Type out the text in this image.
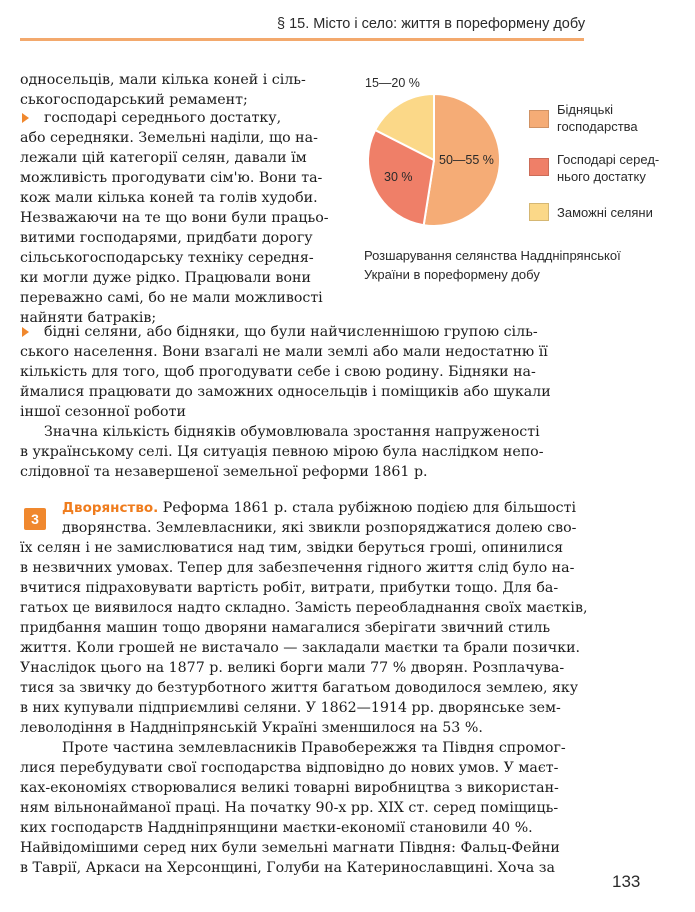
§ 15. Місто і село: життя в пореформену добу
односельців, мали кілька коней і сіль-
ськогосподарський ремамент;
господарі середнього достатку,
або середняки. Земельні наділи, що на-
лежали цій категорії селян, давали їм
можливість прогодувати сім'ю. Вони та-
кож мали кілька коней та голів худоби.
Незважаючи на те що вони були працьо-
витими господарями, придбати дорогу
сільськогосподарську техніку середня-
ки могли дуже рідко. Працювали вони
переважно самі, бо не мали можливості
найняти батраків;
бідні селяни, або бідняки, що були найчисленнішою групою сіль-
ського населення. Вони взагалі не мали землі або мали недостатню її
кількість для того, щоб прогодувати себе і свою родину. Бідняки на-
ймалися працювати до заможних односельців і поміщиків або шукали
іншої сезонної роботи
Значна кількість бідняків обумовлювала зростання напруженості
в українському селі. Ця ситуація певною мірою була наслідком непо-
слідовної та незавершеної земельної реформи 1861 р.
3
Дворянство. Реформа 1861 р. стала рубіжною подією для більшості
дворянства. Землевласники, які звикли розпоряджатися долею сво-
їх селян і не замислюватися над тим, звідки беруться гроші, опинилися
в незвичних умовах. Тепер для забезпечення гідного життя слід було на-
вчитися підраховувати вартість робіт, витрати, прибутки тощо. Для ба-
гатьох це виявилося надто складно. Замість переобладнання своїх маєтків,
придбання машин тощо дворяни намагалися зберігати звичний стиль
життя. Коли грошей не вистачало — закладали маєтки та брали позички.
Унаслідок цього на 1877 р. великі борги мали 77 % дворян. Розплачува-
тися за звичку до безтурботного життя багатьом доводилося землею, яку
в них купували підприємливі селяни. У 1862—1914 рр. дворянське зем-
леволодіння в Наддніпрянській Україні зменшилося на 53 %.
Проте частина землевласників Правобережжя та Півдня спромог-
лися перебудувати свої господарства відповідно до нових умов. У маєт-
ках-економіях створювалися великі товарні виробництва з використан-
ням вільнонайманої праці. На початку 90-х рр. XIX ст. серед поміщиць-
ких господарств Наддніпрянщини маєтки-економії становили 40 %.
Найвідомішими серед них були земельні магнати Півдня: Фальц-Фейни
в Таврії, Аркаси на Херсонщині, Голуби на Катеринославщині. Хоча за
15—20 %
30 %
50—55 %
Бідняцькі
господарства
Господарі серед-
нього достатку
Заможні селяни
Розшарування селянства Наддніпрянської
України в пореформену добу
133
